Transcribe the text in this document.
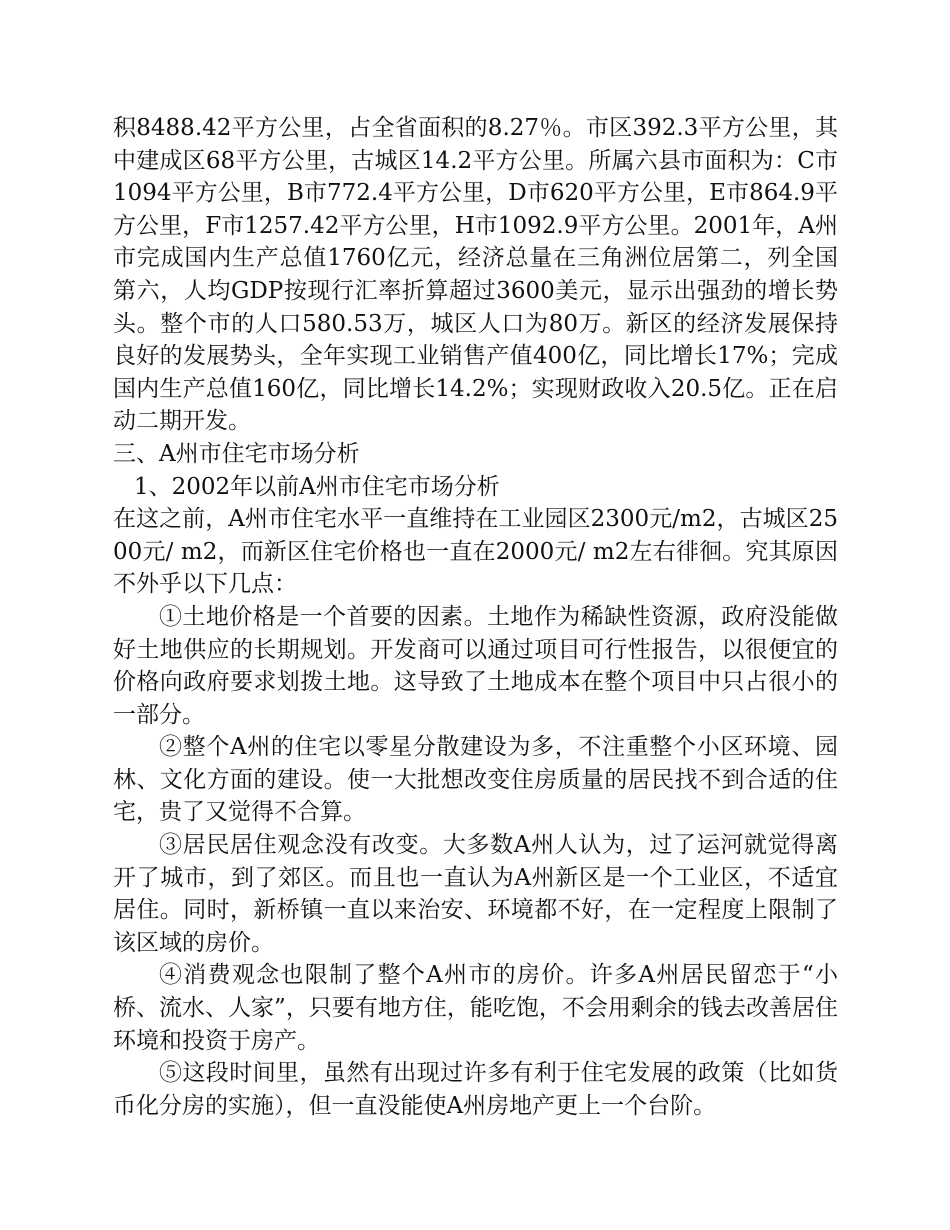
积8488.42平方公里，占全省面积的8.27％。市区392.3平方公里，其中建成区68平方公里，古城区14.2平方公里。所属六县市面积为：C市1094平方公里，B市772.4平方公里，D市620平方公里，E市864.9平方公里，F市1257.42平方公里，H市1092.9平方公里。2001年，A州市完成国内生产总值1760亿元，经济总量在三角洲位居第二，列全国第六，人均GDP按现行汇率折算超过3600美元，显示出强劲的增长势头。整个市的人口580.53万，城区人口为80万。新区的经济发展保持良好的发展势头，全年实现工业销售产值400亿，同比增长17%；完成国内生产总值160亿，同比增长14.2%；实现财政收入20.5亿。正在启动二期开发。

三、A州市住宅市场分析

1、2002年以前A州市住宅市场分析

在这之前，A州市住宅水平一直维持在工业园区2300元/m2，古城区2500元/ m2，而新区住宅价格也一直在2000元/ m2左右徘徊。究其原因不外乎以下几点：

①土地价格是一个首要的因素。土地作为稀缺性资源，政府没能做好土地供应的长期规划。开发商可以通过项目可行性报告，以很便宜的价格向政府要求划拨土地。这导致了土地成本在整个项目中只占很小的一部分。

②整个A州的住宅以零星分散建设为多，不注重整个小区环境、园林、文化方面的建设。使一大批想改变住房质量的居民找不到合适的住宅，贵了又觉得不合算。

③居民居住观念没有改变。大多数A州人认为，过了运河就觉得离开了城市，到了郊区。而且也一直认为A州新区是一个工业区，不适宜居住。同时，新桥镇一直以来治安、环境都不好，在一定程度上限制了该区域的房价。

④消费观念也限制了整个A州市的房价。许多A州居民留恋于“小桥、流水、人家”，只要有地方住，能吃饱，不会用剩余的钱去改善居住环境和投资于房产。

⑤这段时间里，虽然有出现过许多有利于住宅发展的政策（比如货币化分房的实施），但一直没能使A州房地产更上一个台阶。
